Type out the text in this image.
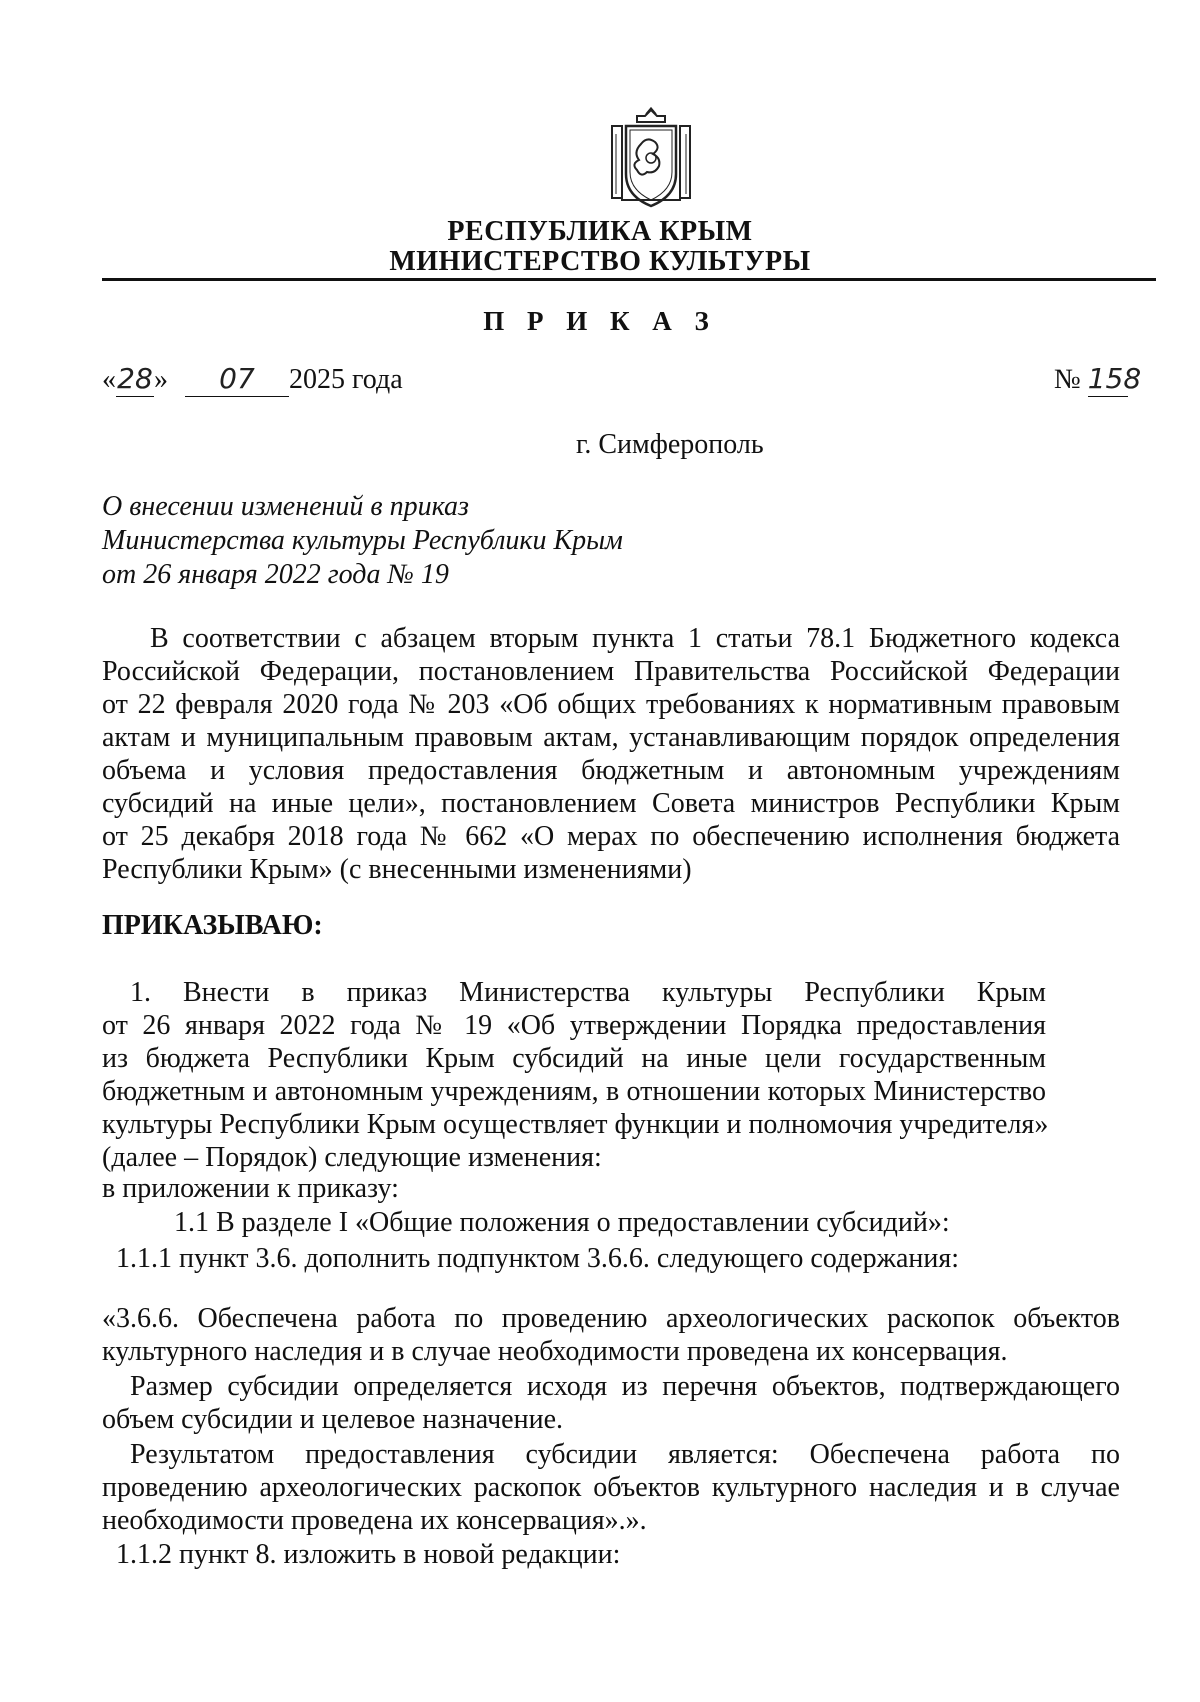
РЕСПУБЛИКА КРЫМ
МИНИСТЕРСТВО КУЛЬТУРЫ
П Р И К А З
«28» 07 2025 года	№ 158
г. Симферополь
О внесении изменений в приказ
Министерства культуры Республики Крым
от 26 января 2022 года № 19
В соответствии с абзацем вторым пункта 1 статьи 78.1 Бюджетного кодекса
Российской Федерации, постановлением Правительства Российской Федерации
от 22 февраля 2020 года № 203 «Об общих требованиях к нормативным правовым
актам и муниципальным правовым актам, устанавливающим порядок определения
объема и условия предоставления бюджетным и автономным учреждениям
субсидий на иные цели», постановлением Совета министров Республики Крым
от 25 декабря 2018 года № 662 «О мерах по обеспечению исполнения бюджета
Республики Крым» (с внесенными изменениями)
ПРИКАЗЫВАЮ:
1. Внести в приказ Министерства культуры Республики Крым
от 26 января 2022 года № 19 «Об утверждении Порядка предоставления
из бюджета Республики Крым субсидий на иные цели государственным
бюджетным и автономным учреждениям, в отношении которых Министерство
культуры Республики Крым осуществляет функции и полномочия учредителя»
(далее – Порядок) следующие изменения:
в приложении к приказу:
1.1 В разделе I «Общие положения о предоставлении субсидий»:
1.1.1 пункт 3.6. дополнить подпунктом 3.6.6. следующего содержания:
«3.6.6. Обеспечена работа по проведению археологических раскопок объектов
культурного наследия и в случае необходимости проведена их консервация.
Размер субсидии определяется исходя из перечня объектов, подтверждающего
объем субсидии и целевое назначение.
Результатом предоставления субсидии является: Обеспечена работа по
проведению археологических раскопок объектов культурного наследия и в случае
необходимости проведена их консервация».».
1.1.2 пункт 8. изложить в новой редакции:
